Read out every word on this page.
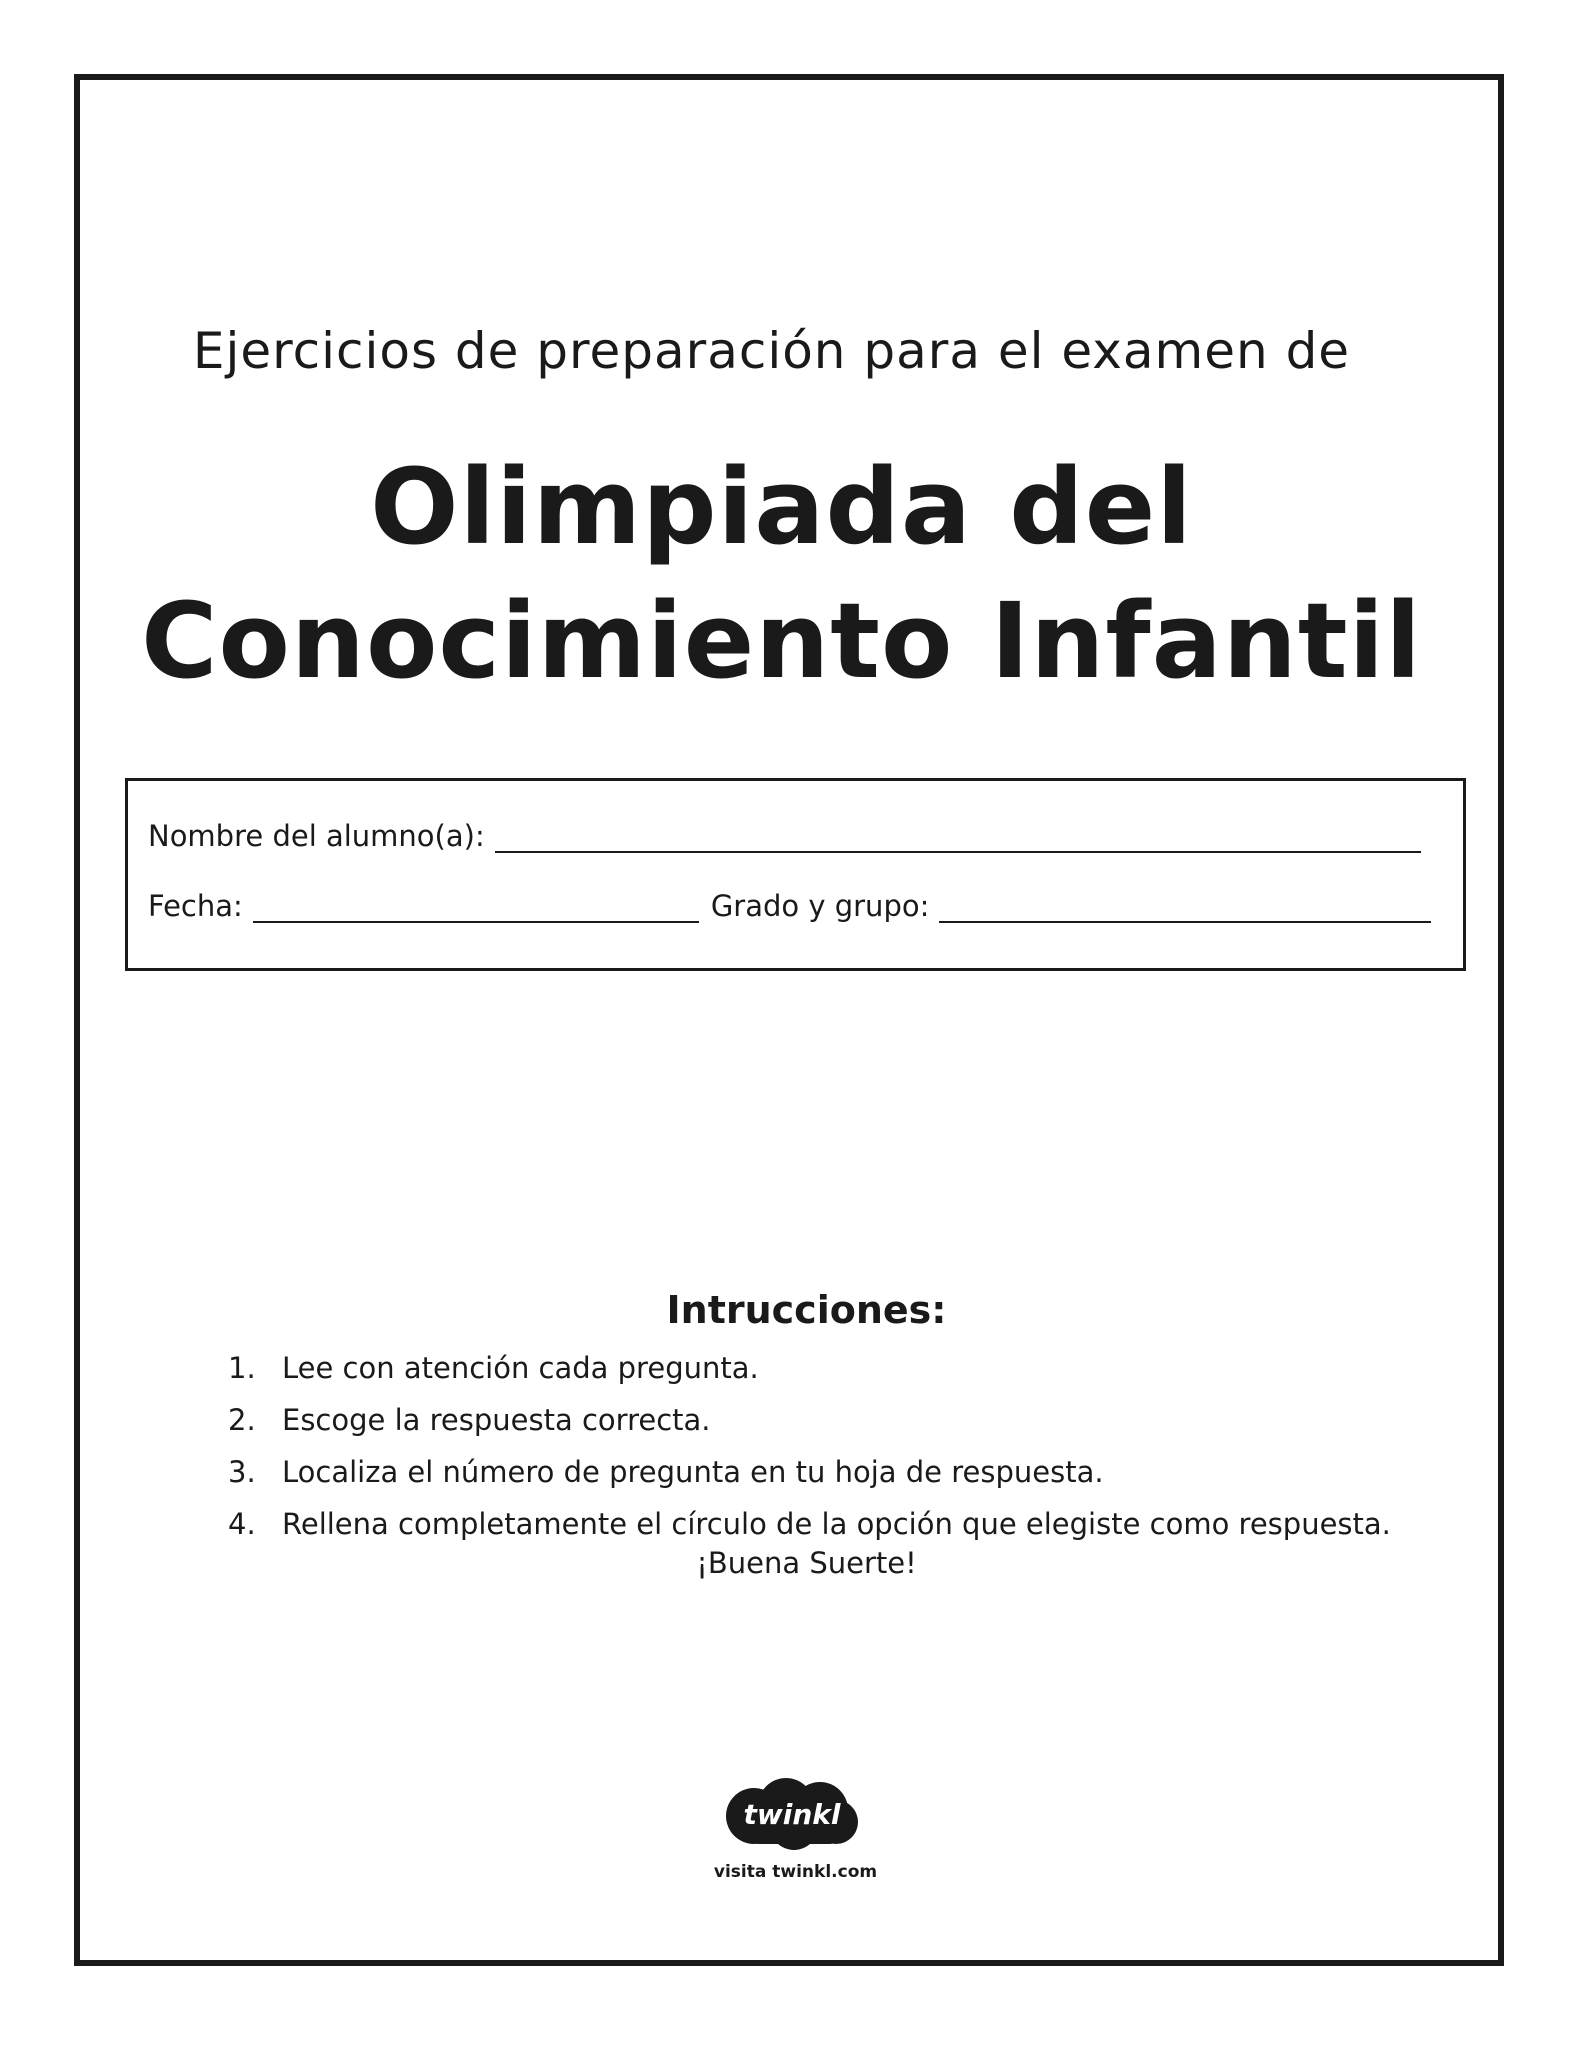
Ejercicios de preparación para el examen de
Olimpiada del
Conocimiento Infantil
Nombre del alumno(a):
Fecha:	Grado y grupo:
Intrucciones:
1. Lee con atención cada pregunta.
2. Escoge la respuesta correcta.
3. Localiza el número de pregunta en tu hoja de respuesta.
4. Rellena completamente el círculo de la opción que elegiste como respuesta.
¡Buena Suerte!
twinkl
visita twinkl.com
